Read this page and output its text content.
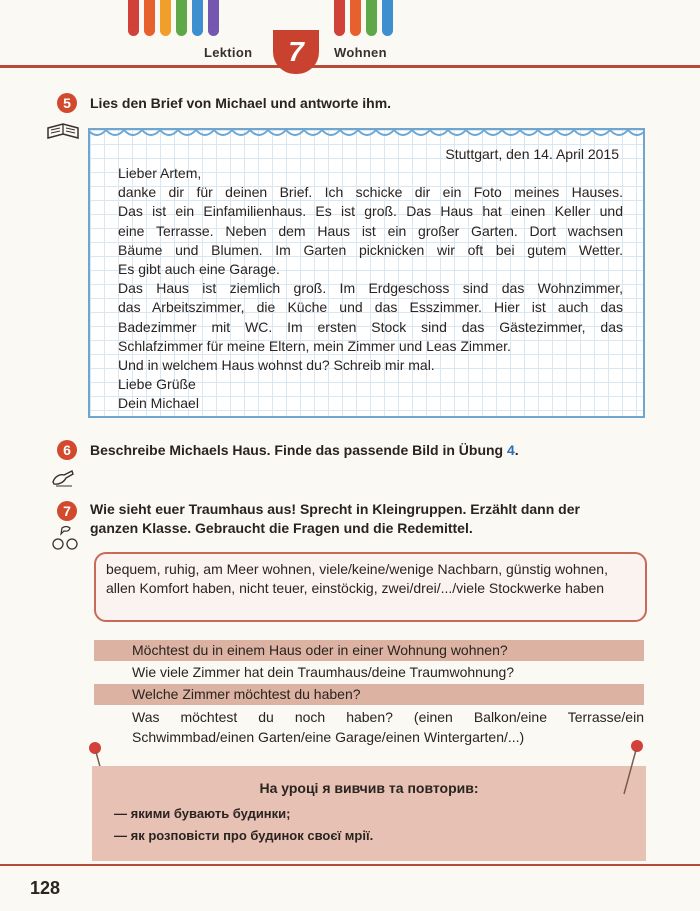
Lektion	7	Wohnen
5	Lies den Brief von Michael und antworte ihm.
Stuttgart, den 14. April 2015
Lieber Artem,
danke dir für deinen Brief. Ich schicke dir ein Foto meines Hauses.
Das ist ein Einfamilienhaus. Es ist groß. Das Haus hat einen Keller und
eine Terrasse. Neben dem Haus ist ein großer Garten. Dort wachsen
Bäume und Blumen. Im Garten picknicken wir oft bei gutem Wetter.
Es gibt auch eine Garage.
Das Haus ist ziemlich groß. Im Erdgeschoss sind das Wohnzimmer,
das Arbeitszimmer, die Küche und das Esszimmer. Hier ist auch das
Badezimmer mit WC. Im ersten Stock sind das Gästezimmer, das
Schlafzimmer für meine Eltern, mein Zimmer und Leas Zimmer.
Und in welchem Haus wohnst du? Schreib mir mal.
Liebe Grüße
Dein Michael
6	Beschreibe Michaels Haus. Finde das passende Bild in Übung 4.
7	Wie sieht euer Traumhaus aus! Sprecht in Kleingruppen. Erzählt dann der
ganzen Klasse. Gebraucht die Fragen und die Redemittel.
bequem, ruhig, am Meer wohnen, viele/keine/wenige Nachbarn, günstig wohnen, allen Komfort haben, nicht teuer, einstöckig, zwei/drei/.../viele Stockwerke haben
Möchtest du in einem Haus oder in einer Wohnung wohnen?
Wie viele Zimmer hat dein Traumhaus/deine Traumwohnung?
Welche Zimmer möchtest du haben?
Was möchtest du noch haben? (einen Balkon/eine Terrasse/ein Schwimmbad/einen Garten/eine Garage/einen Wintergarten/...)
На уроці я вивчив та повторив:
— якими бувають будинки;
— як розповісти про будинок своєї мрії.
128
